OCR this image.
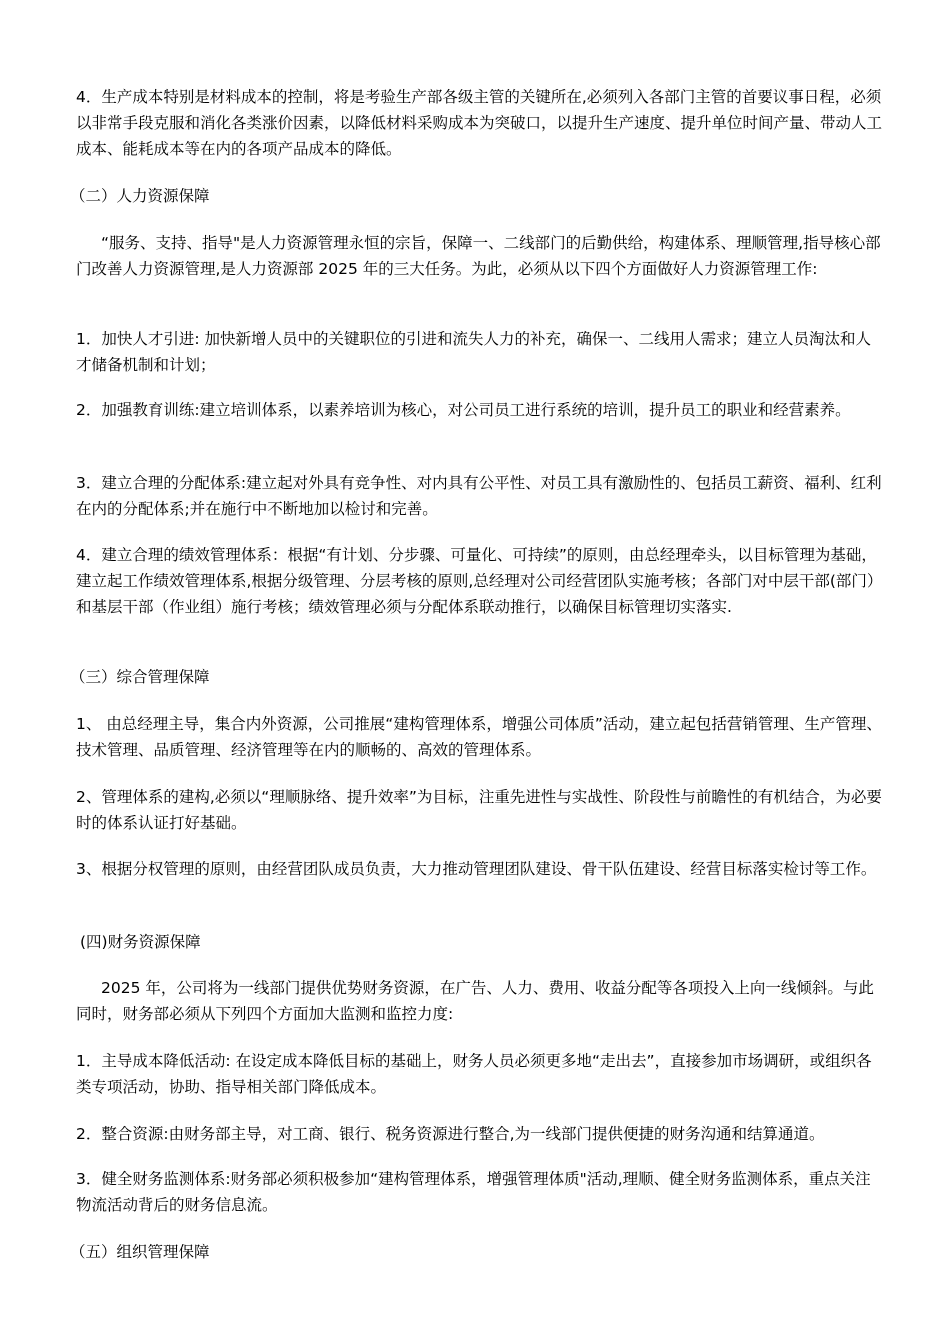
4．生产成本特别是材料成本的控制，将是考验生产部各级主管的关键所在,必须列入各部门主管的首要议事日程，必须以非常手段克服和消化各类涨价因素，以降低材料采购成本为突破口，以提升生产速度、提升单位时间产量、带动人工成本、能耗成本等在内的各项产品成本的降低。

（二）人力资源保障

“服务、支持、指导"是人力资源管理永恒的宗旨，保障一、二线部门的后勤供给，构建体系、理顺管理,指导核心部门改善人力资源管理,是人力资源部 2025 年的三大任务。为此，必须从以下四个方面做好人力资源管理工作:

1．加快人才引进: 加快新增人员中的关键职位的引进和流失人力的补充，确保一、二线用人需求；建立人员淘汰和人才储备机制和计划；

2．加强教育训练:建立培训体系，以素养培训为核心，对公司员工进行系统的培训，提升员工的职业和经营素养。

3．建立合理的分配体系:建立起对外具有竞争性、对内具有公平性、对员工具有激励性的、包括员工薪资、福利、红利在内的分配体系;并在施行中不断地加以检讨和完善。

4．建立合理的绩效管理体系：根据“有计划、分步骤、可量化、可持续”的原则，由总经理牵头，以目标管理为基础，建立起工作绩效管理体系,根据分级管理、分层考核的原则,总经理对公司经营团队实施考核；各部门对中层干部(部门）和基层干部（作业组）施行考核；绩效管理必须与分配体系联动推行，以确保目标管理切实落实.

（三）综合管理保障

1、 由总经理主导，集合内外资源，公司推展“建构管理体系，增强公司体质”活动，建立起包括营销管理、生产管理、技术管理、品质管理、经济管理等在内的顺畅的、高效的管理体系。

2、管理体系的建构,必须以“理顺脉络、提升效率”为目标，注重先进性与实战性、阶段性与前瞻性的有机结合，为必要时的体系认证打好基础。

3、根据分权管理的原则，由经营团队成员负责，大力推动管理团队建设、骨干队伍建设、经营目标落实检讨等工作。

(四)财务资源保障

2025 年，公司将为一线部门提供优势财务资源，在广告、人力、费用、收益分配等各项投入上向一线倾斜。与此同时，财务部必须从下列四个方面加大监测和监控力度:

1．主导成本降低活动: 在设定成本降低目标的基础上，财务人员必须更多地“走出去”，直接参加市场调研，或组织各类专项活动，协助、指导相关部门降低成本。

2．整合资源:由财务部主导，对工商、银行、税务资源进行整合,为一线部门提供便捷的财务沟通和结算通道。

3．健全财务监测体系:财务部必须积极参加“建构管理体系，增强管理体质"活动,理顺、健全财务监测体系，重点关注物流活动背后的财务信息流。

（五）组织管理保障
